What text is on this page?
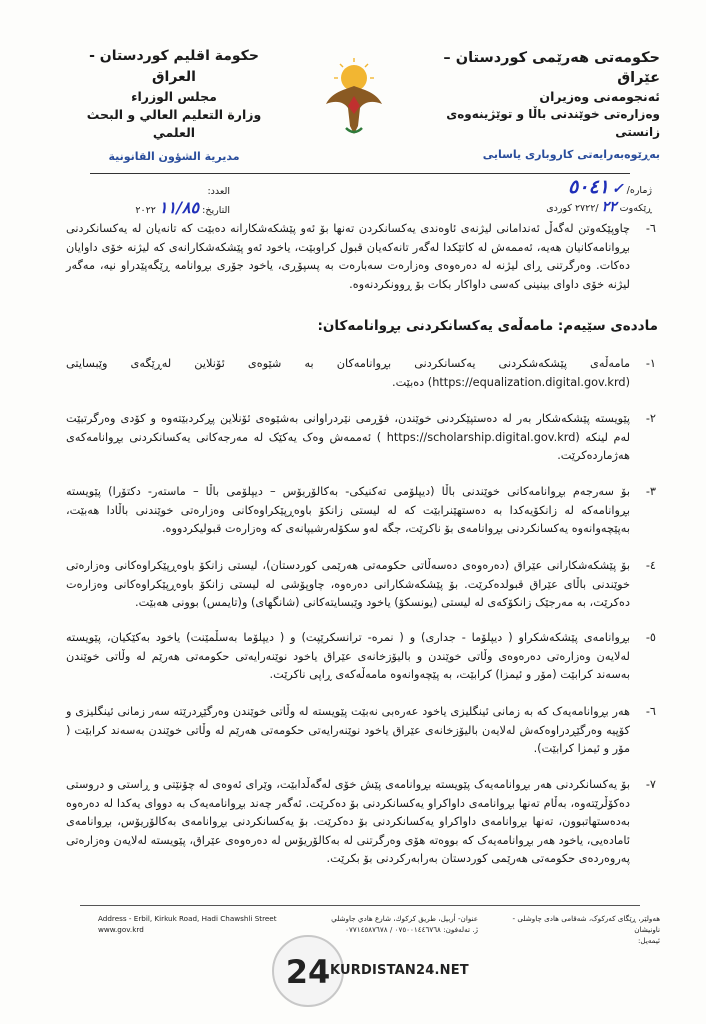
حکومەتی هەرێمی کوردستان – عێراق
ئەنجومەنی وەزیران
وەزارەتی خوێندنی باڵا و توێژینەوەی زانستی
بەڕێوەبەرایەتی کاروباری یاسایی
حكومة اقليم كوردستان - العراق
مجلس الوزراء
وزارة التعليم العالي و البحث العلمي
مديرية الشؤون القانونية
ژمارە/ ✓ ٥٠٤١
ڕێکەوت ٢٢ /٢٧٢٢ کوردی
العدد:
التاريخ: ١١/٨٥ ٢٠٢٢
٦-
چاوپێکەوتن لەگەڵ ئەندامانی لیژنەی ئاوەندی یەکسانکردن تەنها بۆ ئەو پێشکەشکارانە دەبێت کە تانەیان لە یەکسانکردنی بڕوانامەکانیان هەیە، ئەممەش لە کاتێکدا لەگەر تانەکەیان قبول کراوبێت، یاخود ئەو پێشکەشکارانەی کە لیژنە خۆی داوایان دەکات. وەرگرتنی ڕای لیژنە لە دەرەوەی وەزارەت سەبارەت بە پسپۆڕی، یاخود جۆری بڕوانامە ڕێگەپێدراو نیە، مەگەر لیژنە خۆی داوای بینینی کەسی داواکار بکات بۆ ڕوونکردنەوە.
ماددەی سێیەم: مامەڵەی یەکسانکردنی بڕوانامەکان:
١-
مامەڵەی پێشکەشکردنی یەکسانکردنی بڕوانامەکان بە شێوەی ئۆنلاین لەڕێگەی وێبسایتی (https://equalization.digital.gov.krd) دەبێت.
٢-
پێویستە پێشکەشکار بەر لە دەستپێکردنی خوێندن، فۆڕمی نێردراوانی بەشێوەی ئۆنلاین پڕکردبێتەوە و کۆدی وەرگرتبێت لەم لینکە ( https://scholarship.digital.gov.krd) ئەممەش وەک یەکێک لە مەرجەکانی یەکسانکردنی بڕوانامەکەی هەژماردەکرێت.
٣-
بۆ سەرجەم بڕوانامەکانی خوێندنی باڵا (دیپلۆمی تەکنیکی- بەکالۆریۆس – دیپلۆمی باڵا – ماستەر- دکتۆرا) پێویستە بڕوانامەکە لە زانکۆیەکدا بە دەستهێنرابێت کە لە لیستی زانکۆ باوەڕپێکراوەکانی وەزارەتی خوێندنی باڵادا هەبێت، بەپێچەوانەوە یەکسانکردنی بڕوانامەی بۆ ناکرێت، جگە لەو سکۆلەرشیپانەی کە وەزارەت قبولیکردووە.
٤-
بۆ پێشکەشکارانی عێراق (دەرەوەی دەسەڵاتی حکومەتی هەرێمی کوردستان)، لیستی زانکۆ باوەڕپێکراوەکانی وەزارەتی خوێندنی باڵای عێراق قبولدەکرێت. بۆ پێشکەشکارانی دەرەوە، چاوپۆشی لە لیستی زانکۆ باوەڕپێکراوەکانی وەزارەت دەکرێت، بە مەرجێک زانکۆکەی لە لیستی (یونسکۆ) یاخود وێبسایتەکانی (شانگهای) و(تایمس) بوونی هەبێت.
٥-
بڕوانامەی پێشکەشکراو ( دیپلۆما - جداری) و ( نمرە- ترانسکرێپت) و ( دیپلۆما بەسڵمێنت) یاخود بەکێکیان، پێویستە لەلایەن وەزارەتی دەرەوەی وڵاتی خوێندن و بالیۆزخانەی عێراق یاخود نوێنەرایەتی حکومەتی هەرێم لە وڵاتی خوێندن بەسەند کرابێت (مۆر و ئیمزا) کرابێت، بە پێچەوانەوە مامەڵەکەی ڕاپی ناکرێت.
٦-
هەر بڕوانامەیەک کە بە زمانی ئینگلیزی یاخود عەرەبی نەبێت پێویستە لە وڵاتی خوێندن وەرگێڕدرێتە سەر زمانی ئینگلیزی و کۆپیە وەرگێڕدراوەکەش لەلایەن بالیۆزخانەی عێراق یاخود نوێنەرایەتی حکومەتی هەرێم لە وڵاتی خوێندن بەسەند کرابێت ( مۆر و ئیمزا کرابێت).
٧-
بۆ یەکسانکردنی هەر بڕوانامەیەک پێویستە بڕوانامەی پێش خۆی لەگەڵدابێت، وێرای ئەوەی لە چۆنێتی و ڕاستی و دروستی دەکۆڵرێتەوە، بەڵام تەنها بڕوانامەی داواکراو یەکسانکردنی بۆ دەکرێت. ئەگەر چەند بڕوانامەیەک بە دووای یەکدا لە دەرەوە بەدەستهاتبوون، تەنها بڕوانامەی داواکراو یەکسانکردنی بۆ دەکرێت. بۆ یەکسانکردنی بڕوانامەی بەکالۆریۆس، بڕوانامەی ئامادەیی، یاخود هەر بڕوانامەیەک کە بووەتە هۆی وەرگرتنی لە بەکالۆریۆس لە دەرەوەی عێراق، پێویستە لەلایەن وەزارەتی پەروەردەی حکومەتی هەرێمی کوردستان بەرابەرکردنی بۆ بکرێت.
Address - Erbil, Kirkuk Road, Hadi Chawshli Street
www.gov.krd
عنوان- أربيل، طريق كركوك، شارع هادي جاوشلي
ژ. تەلەفون: ٠٧٥٠٠١٤٤٦٧٦٨ / ٠٧٧١٤٥٨٧٦٧٨
هەولێر، ڕێگای کەرکوک، شەقامی هادی چاوشلی - ناونیشان
ئیمەیل:
24 KURDISTAN24.NET
